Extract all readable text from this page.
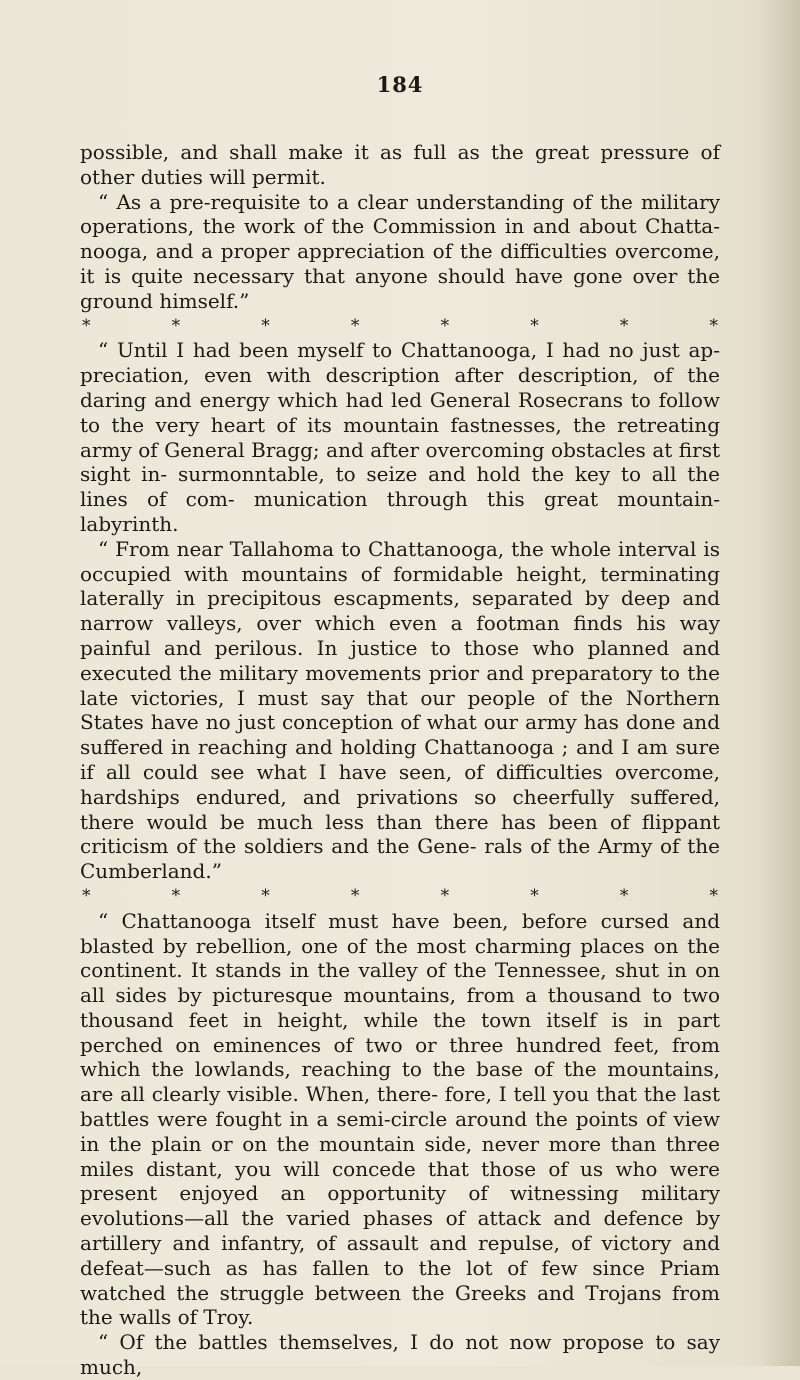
184

possible, and shall make it as full as the great pressure of other duties will permit.

“ As a pre-requisite to a clear understanding of the military operations, the work of the Commission in and about Chatta- nooga, and a proper appreciation of the difficulties overcome, it is quite necessary that anyone should have gone over the ground himself.”

*	*	*	*	*	*	*	*

“ Until I had been myself to Chattanooga, I had no just ap- preciation, even with description after description, of the daring and energy which had led General Rosecrans to follow to the very heart of its mountain fastnesses, the retreating army of General Bragg; and after overcoming obstacles at first sight in- surmonntable, to seize and hold the key to all the lines of com- munication through this great mountain-labyrinth.

“ From near Tallahoma to Chattanooga, the whole interval is occupied with mountains of formidable height, terminating laterally in precipitous escapments, separated by deep and narrow valleys, over which even a footman finds his way painful and perilous. In justice to those who planned and executed the military movements prior and preparatory to the late victories, I must say that our people of the Northern States have no just conception of what our army has done and suffered in reaching and holding Chattanooga ; and I am sure if all could see what I have seen, of difficulties overcome, hardships endured, and privations so cheerfully suffered, there would be much less than there has been of flippant criticism of the soldiers and the Gene- rals of the Army of the Cumberland.”

*	*	*	*	*	*	*	*

“ Chattanooga itself must have been, before cursed and blasted by rebellion, one of the most charming places on the continent. It stands in the valley of the Tennessee, shut in on all sides by picturesque mountains, from a thousand to two thousand feet in height, while the town itself is in part perched on eminences of two or three hundred feet, from which the lowlands, reaching to the base of the mountains, are all clearly visible. When, there- fore, I tell you that the last battles were fought in a semi-circle around the points of view in the plain or on the mountain side, never more than three miles distant, you will concede that those of us who were present enjoyed an opportunity of witnessing military evolutions—all the varied phases of attack and defence by artillery and infantry, of assault and repulse, of victory and defeat—such as has fallen to the lot of few since Priam watched the struggle between the Greeks and Trojans from the walls of Troy.

“ Of the battles themselves, I do not now propose to say much,
